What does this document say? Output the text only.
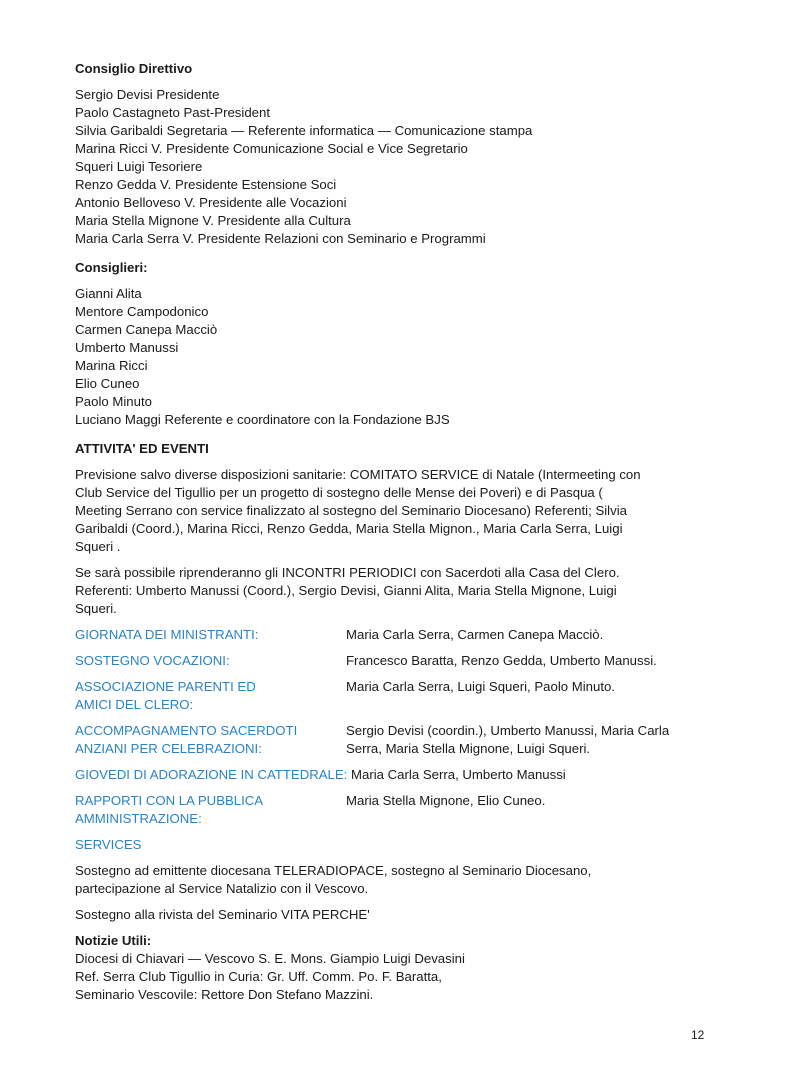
Consiglio Direttivo
Sergio Devisi Presidente
Paolo Castagneto Past-President
Silvia Garibaldi Segretaria — Referente informatica — Comunicazione stampa
Marina Ricci V. Presidente Comunicazione Social e Vice Segretario
Squeri Luigi Tesoriere
Renzo Gedda V. Presidente Estensione Soci
Antonio Belloveso V. Presidente alle Vocazioni
Maria Stella Mignone V. Presidente alla Cultura
Maria Carla Serra V. Presidente Relazioni con Seminario e Programmi
Consiglieri:
Gianni Alita
Mentore Campodonico
Carmen Canepa Macciò
Umberto Manussi
Marina Ricci
Elio Cuneo
Paolo Minuto
Luciano Maggi Referente e coordinatore con la Fondazione BJS
ATTIVITA' ED EVENTI
Previsione salvo diverse disposizioni sanitarie: COMITATO SERVICE di Natale (Intermeeting con
Club Service del Tigullio per un progetto di sostegno delle Mense dei Poveri) e di Pasqua (
Meeting Serrano con service finalizzato al sostegno del Seminario Diocesano) Referenti; Silvia
Garibaldi (Coord.), Marina Ricci, Renzo Gedda, Maria Stella Mignon., Maria Carla Serra, Luigi
Squeri .
Se sarà possibile riprenderanno gli INCONTRI PERIODICI con Sacerdoti alla Casa del Clero.
Referenti: Umberto Manussi (Coord.), Sergio Devisi, Gianni Alita, Maria Stella Mignone, Luigi
Squeri.
GIORNATA DEI MINISTRANTI:	Maria Carla Serra, Carmen Canepa Macciò.
SOSTEGNO VOCAZIONI:	Francesco Baratta, Renzo Gedda, Umberto Manussi.
ASSOCIAZIONE PARENTI ED
AMICI DEL CLERO:
Maria Carla Serra, Luigi Squeri, Paolo Minuto.
ACCOMPAGNAMENTO SACERDOTI
ANZIANI PER CELEBRAZIONI:
Sergio Devisi (coordin.), Umberto Manussi, Maria Carla
Serra, Maria Stella Mignone, Luigi Squeri.
GIOVEDI DI ADORAZIONE IN CATTEDRALE: Maria Carla Serra, Umberto Manussi
RAPPORTI CON LA PUBBLICA
AMMINISTRAZIONE:
Maria Stella Mignone, Elio Cuneo.
SERVICES
Sostegno ad emittente diocesana TELERADIOPACE, sostegno al Seminario Diocesano,
partecipazione al Service Natalizio con il Vescovo.
Sostegno alla rivista del Seminario VITA PERCHE'
Notizie Utili:
Diocesi di Chiavari — Vescovo S. E. Mons. Giampio Luigi Devasini
Ref. Serra Club Tigullio in Curia: Gr. Uff. Comm. Po. F. Baratta,
Seminario Vescovile: Rettore Don Stefano Mazzini.
12
